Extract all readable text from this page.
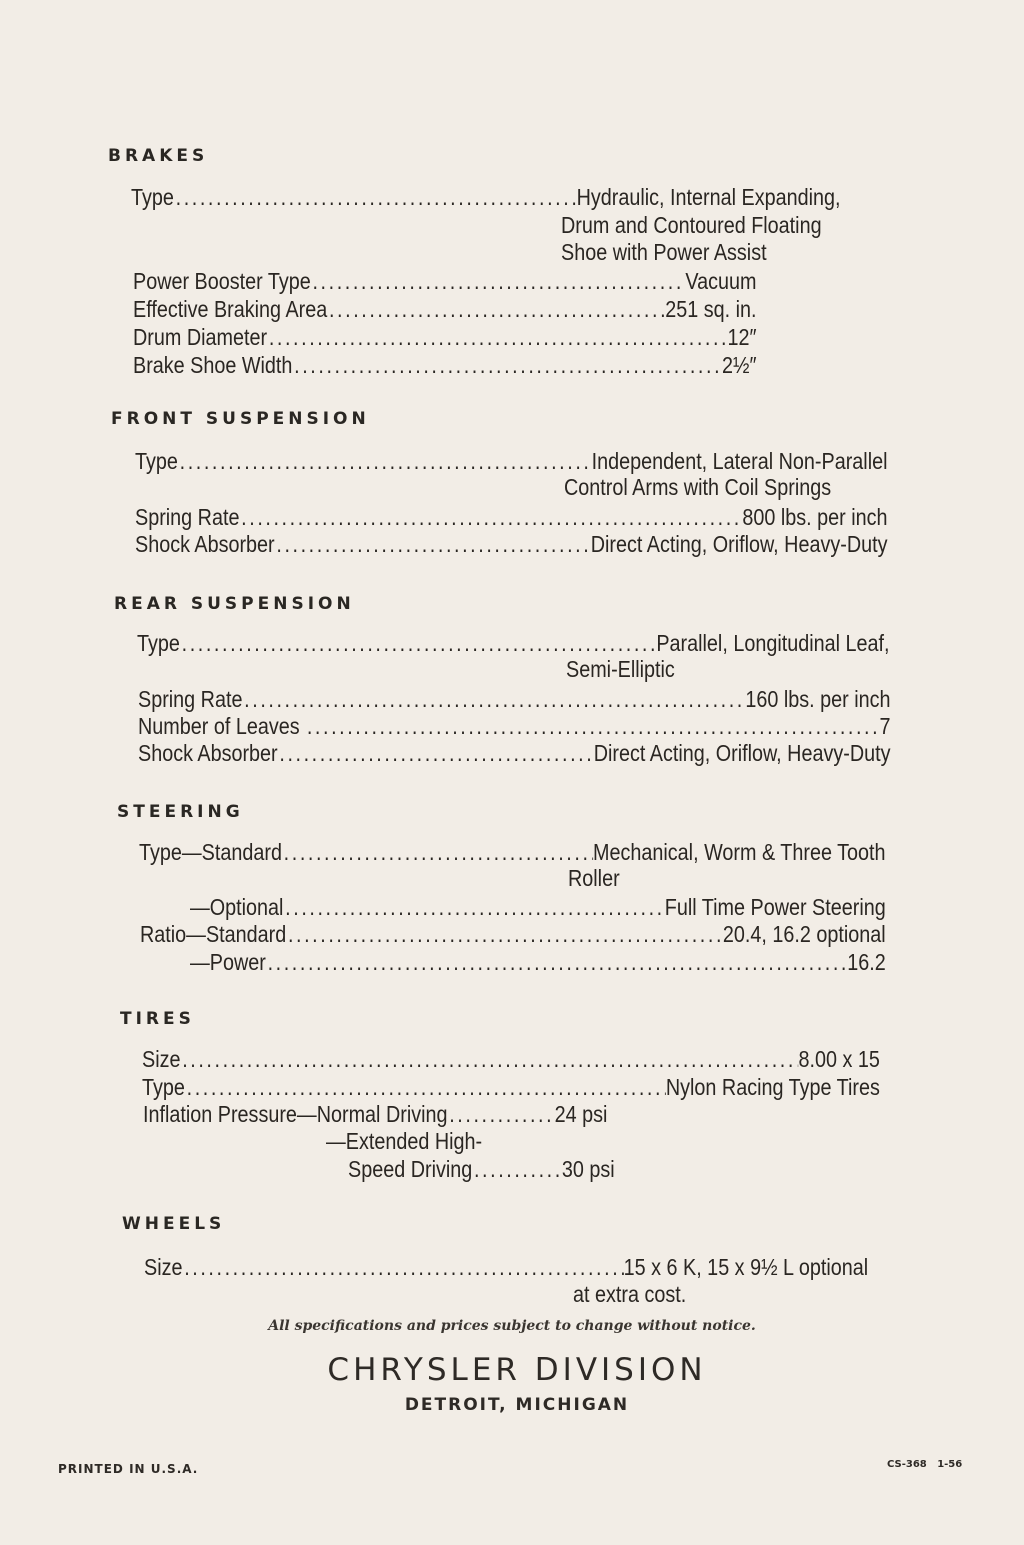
BRAKES
Type .....	Hydraulic, Internal Expanding,
Drum and Contoured Floating
Shoe with Power Assist
Power Booster Type .....	Vacuum
Effective Braking Area .....	251 sq. in.
Drum Diameter .....	12″
Brake Shoe Width .....	2½″
FRONT SUSPENSION
Type .....	Independent, Lateral Non-Parallel
Control Arms with Coil Springs
Spring Rate .....	800 lbs. per inch
Shock Absorber .....	Direct Acting, Oriflow, Heavy-Duty
REAR SUSPENSION
Type .....	Parallel, Longitudinal Leaf,
Semi-Elliptic
Spring Rate .....	160 lbs. per inch
Number of Leaves .....	7
Shock Absorber .....	Direct Acting, Oriflow, Heavy-Duty
STEERING
Type—Standard .....	Mechanical, Worm & Three Tooth
Roller
—Optional .....	Full Time Power Steering
Ratio—Standard .....	20.4, 16.2 optional
—Power .....	16.2
TIRES
Size .....	8.00 x 15
Type .....	Nylon Racing Type Tires
Inflation Pressure—Normal Driving .....	24 psi
—Extended High-
Speed Driving .....	30 psi
WHEELS
Size .....	15 x 6 K, 15 x 9½ L optional
at extra cost.
All specifications and prices subject to change without notice.
CHRYSLER DIVISION
DETROIT, MICHIGAN
PRINTED IN U.S.A.	CS-368   1-56
